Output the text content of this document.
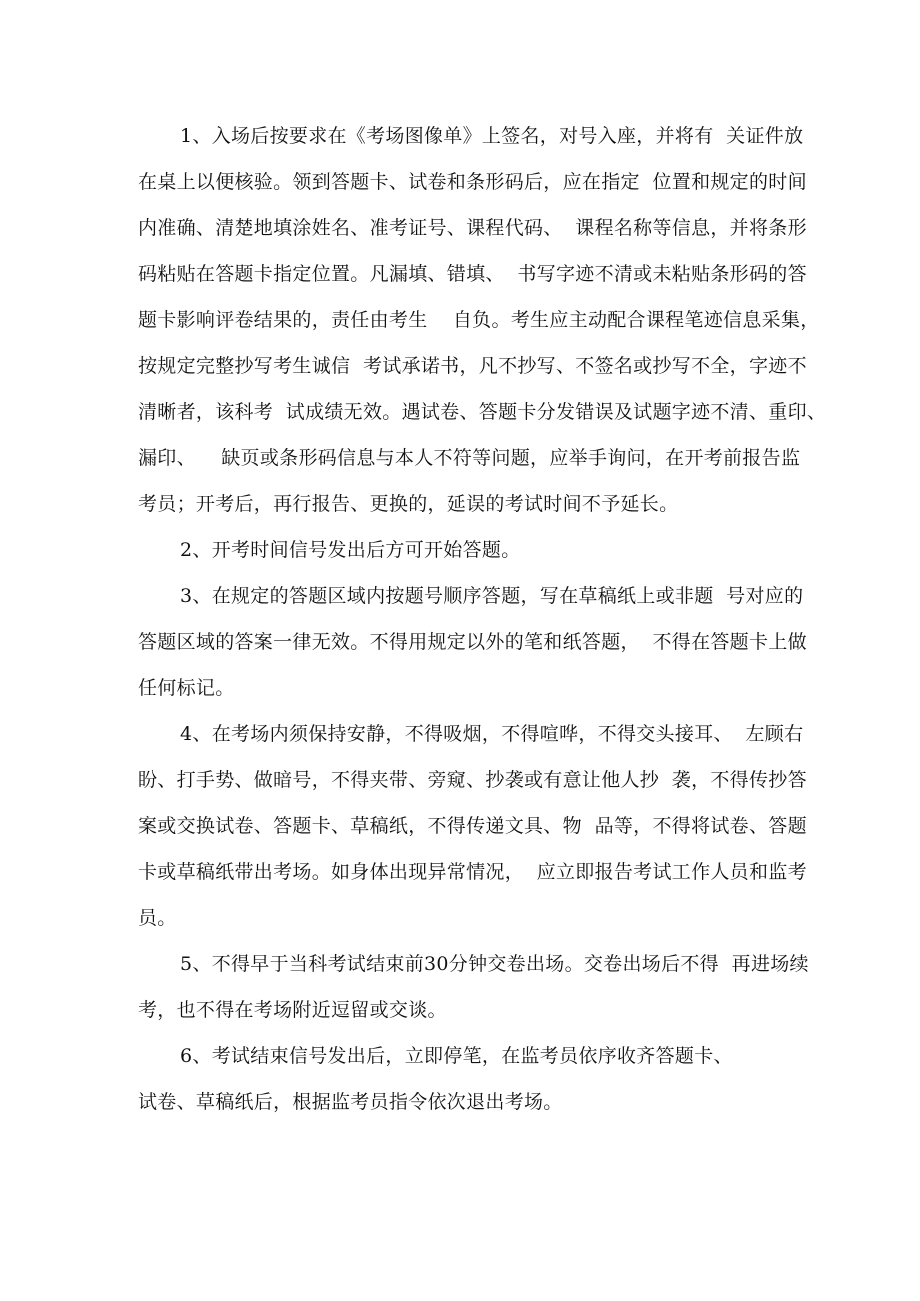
1、入场后按要求在《考场图像单》上签名，对号入座，并将有  关证件放

在桌上以便核验。领到答题卡、试卷和条形码后，应在指定  位置和规定的时间

内准确、清楚地填涂姓名、准考证号、课程代码、  课程名称等信息，并将条形

码粘贴在答题卡指定位置。凡漏填、错填、  书写字迹不清或未粘贴条形码的答

题卡影响评卷结果的，责任由考生    自负。考生应主动配合课程笔迹信息采集，

按规定完整抄写考生诚信  考试承诺书，凡不抄写、不签名或抄写不全，字迹不

清晰者，该科考  试成绩无效。遇试卷、答题卡分发错误及试题字迹不清、重印、

漏印、    缺页或条形码信息与本人不符等问题，应举手询问，在开考前报告监

考员；开考后，再行报告、更换的，延误的考试时间不予延长。

2、开考时间信号发出后方可开始答题。

3、在规定的答题区域内按题号顺序答题，写在草稿纸上或非题  号对应的

答题区域的答案一律无效。不得用规定以外的笔和纸答题，  不得在答题卡上做

任何标记。

4、在考场内须保持安静，不得吸烟，不得喧哗，不得交头接耳、  左顾右

盼、打手势、做暗号，不得夹带、旁窥、抄袭或有意让他人抄  袭，不得传抄答

案或交换试卷、答题卡、草稿纸，不得传递文具、物  品等，不得将试卷、答题

卡或草稿纸带出考场。如身体出现异常情况，  应立即报告考试工作人员和监考

员。

5、不得早于当科考试结束前30分钟交卷出场。交卷出场后不得  再进场续

考，也不得在考场附近逗留或交谈。

6、考试结束信号发出后，立即停笔，在监考员依序收齐答题卡、

试卷、草稿纸后，根据监考员指令依次退出考场。
